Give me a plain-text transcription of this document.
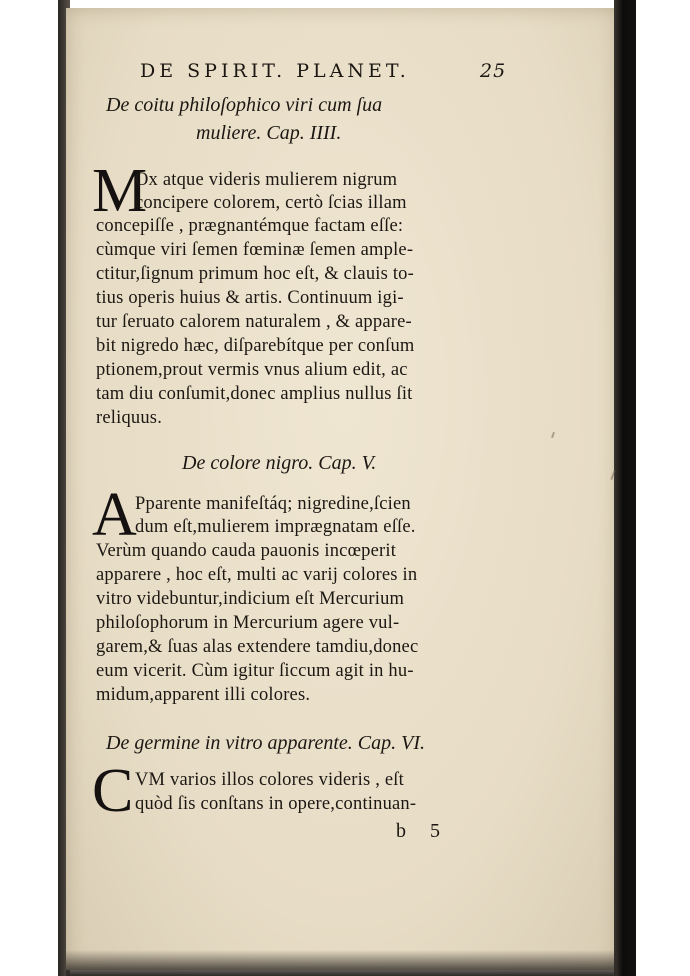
DE SPIRIT. PLANET.	25
De coitu philoſophico viri cum ſua
muliere. Cap. IIII.
M
Ox atque videris mulierem nigrum
concipere colorem, certò ſcias illam
concepiſſe , prægnantémque factam eſſe:
cùmque viri ſemen fœminæ ſemen ample-
ctitur,ſignum primum hoc eſt, & clauis to-
tius operis huius & artis. Continuum igi-
tur ſeruato calorem naturalem , & appare-
bit nigredo hæc, diſparebítque per conſum
ptionem,prout vermis vnus alium edit, ac
tam diu conſumit,donec amplius nullus ſit
reliquus.
De colore nigro. Cap. V.
A
Pparente manifeſtáq; nigredine,ſcien
dum eſt,mulierem imprægnatam eſſe.
Verùm quando cauda pauonis incœperit
apparere , hoc eſt, multi ac varij colores in
vitro videbuntur,indicium eſt Mercurium
philoſophorum in Mercurium agere vul-
garem,& ſuas alas extendere tamdiu,donec
eum vicerit. Cùm igitur ſiccum agit in hu-
midum,apparent illi colores.
De germine in vitro apparente. Cap. VI.
C VM varios illos colores videris , eſt
quòd ſis conſtans in opere,continuan-
b 5
